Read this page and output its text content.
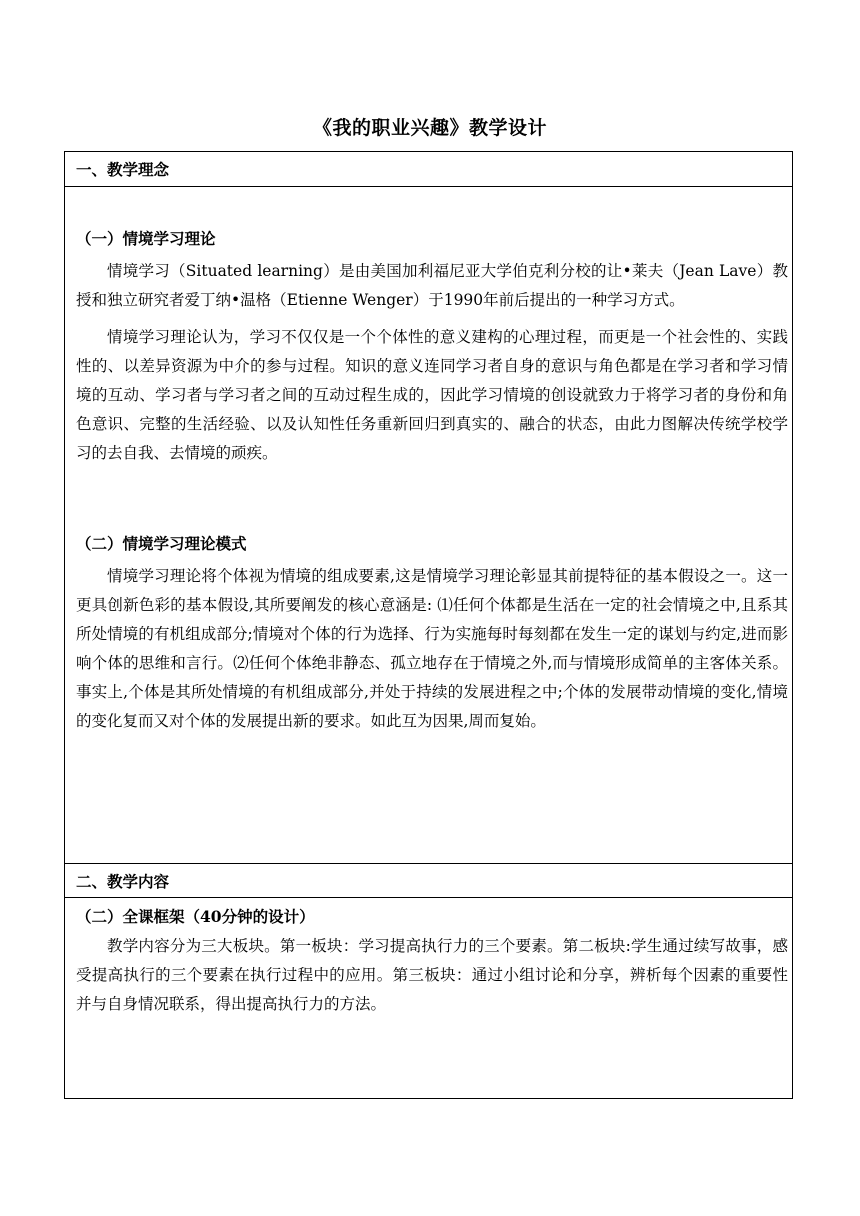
《我的职业兴趣》教学设计
一、教学理念
（一）情境学习理论

情境学习（Situated learning）是由美国加利福尼亚大学伯克利分校的让•莱夫（Jean Lave）教授和独立研究者爱丁纳•温格（Etienne Wenger）于1990年前后提出的一种学习方式。

情境学习理论认为，学习不仅仅是一个个体性的意义建构的心理过程，而更是一个社会性的、实践性的、以差异资源为中介的参与过程。知识的意义连同学习者自身的意识与角色都是在学习者和学习情境的互动、学习者与学习者之间的互动过程生成的，因此学习情境的创设就致力于将学习者的身份和角色意识、完整的生活经验、以及认知性任务重新回归到真实的、融合的状态，由此力图解决传统学校学习的去自我、去情境的顽疾。

（二）情境学习理论模式

情境学习理论将个体视为情境的组成要素,这是情境学习理论彰显其前提特征的基本假设之一。这一更具创新色彩的基本假设,其所要阐发的核心意涵是: ⑴任何个体都是生活在一定的社会情境之中,且系其所处情境的有机组成部分;情境对个体的行为选择、行为实施每时每刻都在发生一定的谋划与约定,进而影响个体的思维和言行。⑵任何个体绝非静态、孤立地存在于情境之外,而与情境形成简单的主客体关系。事实上,个体是其所处情境的有机组成部分,并处于持续的发展进程之中;个体的发展带动情境的变化,情境的变化复而又对个体的发展提出新的要求。如此互为因果,周而复始。

二、教学内容
（二）全课框架（40分钟的设计）

教学内容分为三大板块。第一板块：学习提高执行力的三个要素。第二板块:学生通过续写故事，感受提高执行的三个要素在执行过程中的应用。第三板块：通过小组讨论和分享，辨析每个因素的重要性并与自身情况联系，得出提高执行力的方法。
